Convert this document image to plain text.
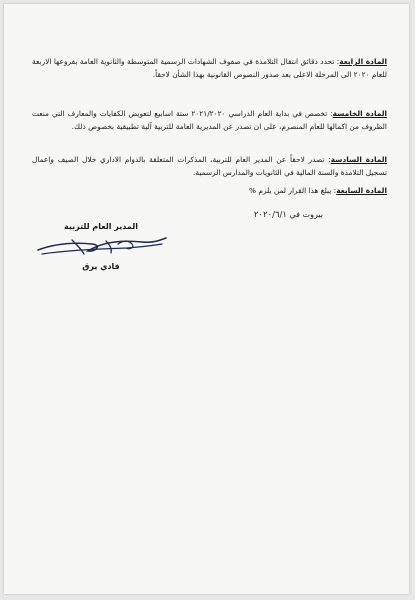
المادة الرابعة: تحدد دقائق انتقال التلامذة في صفوف الشهادات الرسمية المتوسطة والثانوية العامة بفروعها الاربعة للعام ٢٠٢٠ الى المرحلة الاعلى بعد صدور النصوص القانونية بهذا الشأن لاحقاً.

المادة الخامسة: تخصص في بداية العام الدراسي ٢٠٢١/٢٠٢٠ ستة اسابيع لتعويض الكفايات والمعارف التي منعت الظروف من اكمالها للعام المنصرم، على ان تصدر عن المديرية العامة للتربية آلية تطبيقية بخصوص ذلك.

المادة السادسة: تصدر لاحقاً عن المدير العام للتربية، المذكرات المتعلقة بالدوام الاداري خلال الصيف واعمال تسجيل التلامذة والسنة المالية في الثانويات والمدارس الرسمية.

المادة السابعة: يبلغ هذا القرار لمن يلزم %

بيروت في ٢٠٢٠/٦/١
المدير العام للتربية
فادي يرق
